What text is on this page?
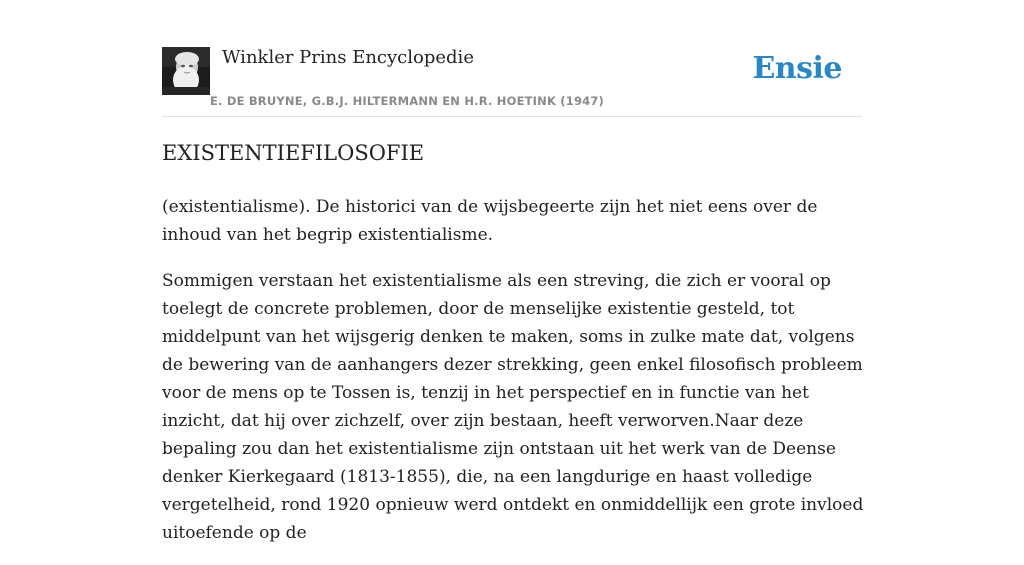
Winkler Prins Encyclopedie
E. DE BRUYNE, G.B.J. HILTERMANN EN H.R. HOETINK (1947)
Ensie
EXISTENTIEFILOSOFIE

(existentialisme). De historici van de wijsbegeerte zijn het niet eens over de inhoud van het begrip existentialisme.

Sommigen verstaan het existentialisme als een streving, die zich er vooral op toelegt de concrete problemen, door de menselijke existentie gesteld, tot middelpunt van het wijsgerig denken te maken, soms in zulke mate dat, volgens de bewering van de aanhangers dezer strekking, geen enkel filosofisch probleem voor de mens op te Tossen is, tenzij in het perspectief en in functie van het inzicht, dat hij over zichzelf, over zijn bestaan, heeft verworven.Naar deze bepaling zou dan het existentialisme zijn ontstaan uit het werk van de Deense denker Kierkegaard (1813-1855), die, na een langdurige en haast volledige vergetelheid, rond 1920 opnieuw werd ontdekt en onmiddellijk een grote invloed uitoefende op de
